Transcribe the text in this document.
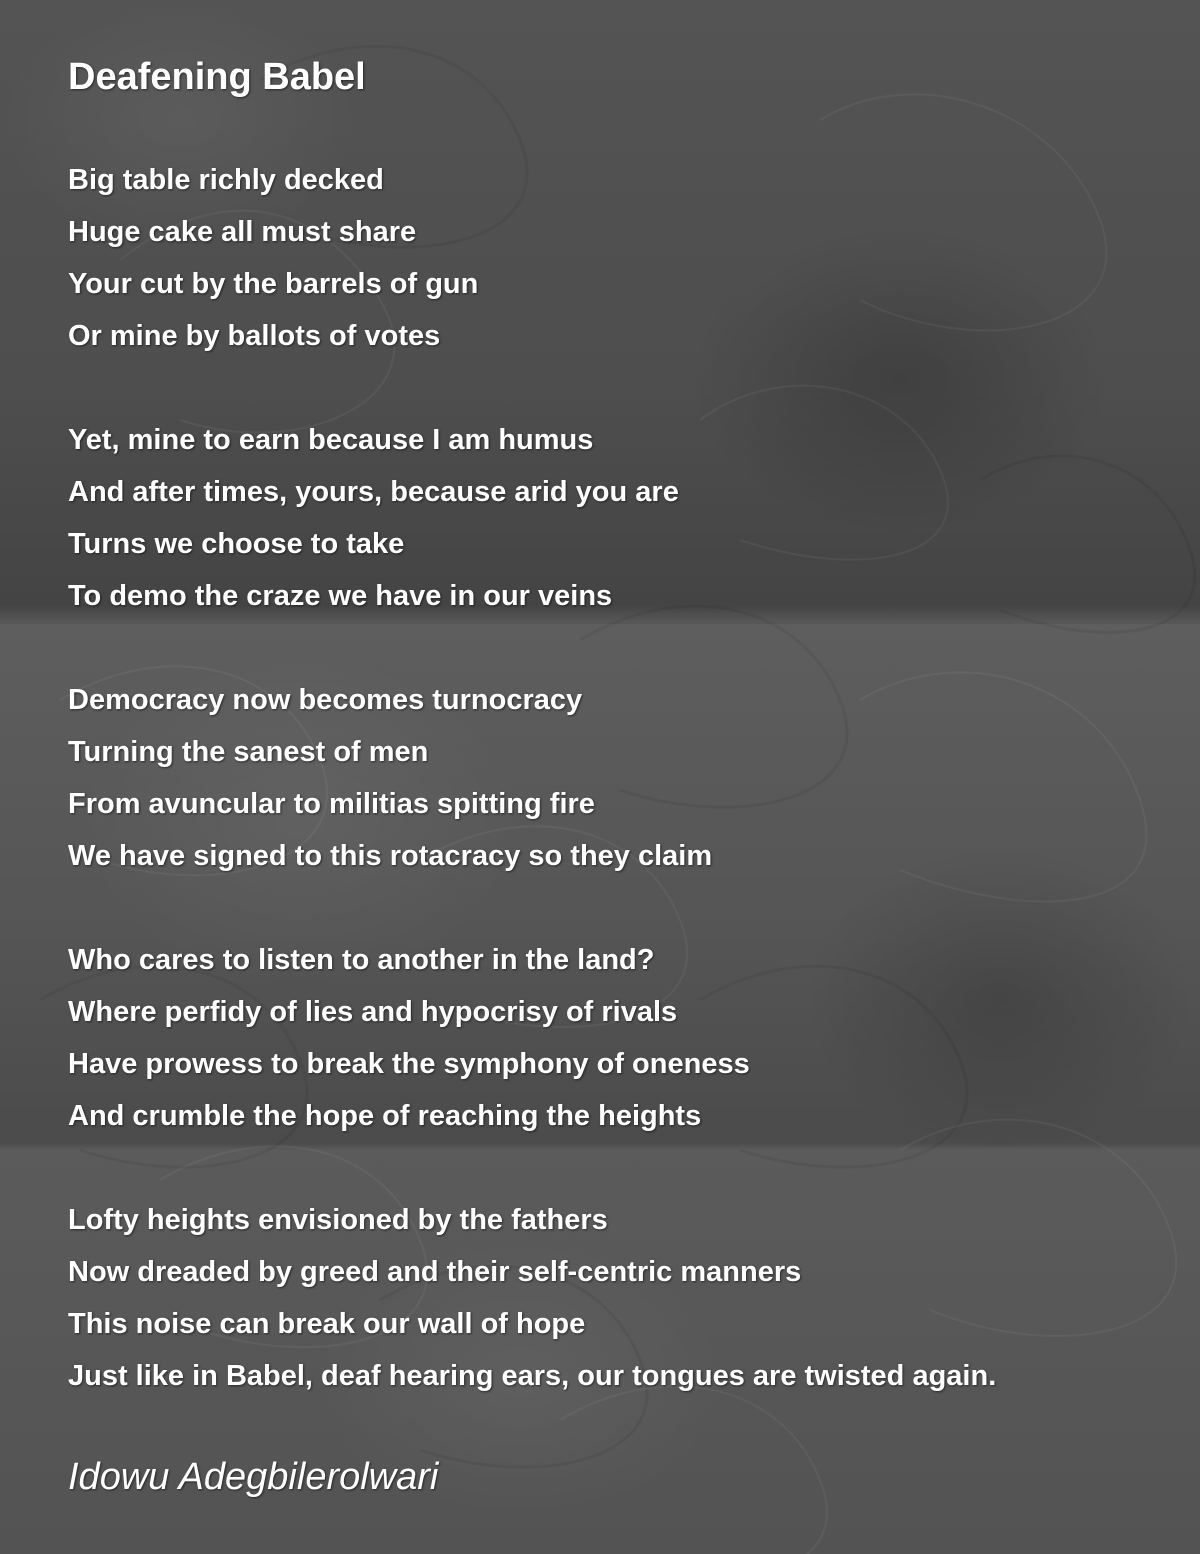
Deafening Babel

Big table richly decked
Huge cake all must share
Your cut by the barrels of gun
Or mine by ballots of votes

Yet, mine to earn because I am humus
And after times, yours, because arid you are
Turns we choose to take
To demo the craze we have in our veins

Democracy now becomes turnocracy
Turning the sanest of men
From avuncular to militias spitting fire
We have signed to this rotacracy so they claim

Who cares to listen to another in the land?
Where perfidy of lies and hypocrisy of rivals
Have prowess to break the symphony of oneness
And crumble the hope of reaching the heights

Lofty heights envisioned by the fathers
Now dreaded by greed and their self-centric manners
This noise can break our wall of hope
Just like in Babel, deaf hearing ears, our tongues are twisted again.

Idowu Adegbilerolwari
